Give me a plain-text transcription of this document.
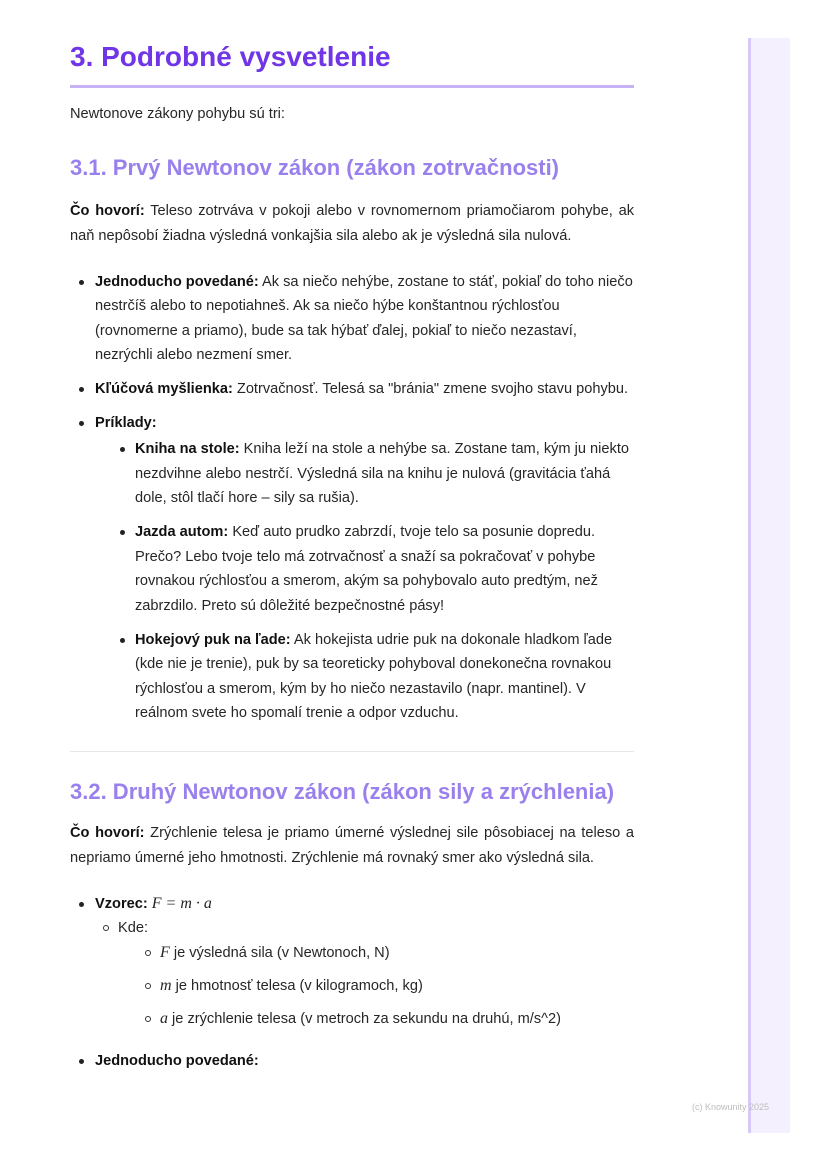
(c) Knowunity 2025
3. Podrobné vysvetlenie

Newtonove zákony pohybu sú tri:

3.1. Prvý Newtonov zákon (zákon zotrvačnosti)

Čo hovorí: Teleso zotrváva v pokoji alebo v rovnomernom priamočiarom pohybe, ak naň nepôsobí žiadna výsledná vonkajšia sila alebo ak je výsledná sila nulová.

Jednoducho povedané: Ak sa niečo nehýbe, zostane to stáť, pokiaľ do toho niečo nestrčíš alebo to nepotiahneš. Ak sa niečo hýbe konštantnou rýchlosťou (rovnomerne a priamo), bude sa tak hýbať ďalej, pokiaľ to niečo nezastaví, nezrýchli alebo nezmení smer.
Kľúčová myšlienka: Zotrvačnosť. Telesá sa "bránia" zmene svojho stavu pohybu.
Príklady:
Kniha na stole: Kniha leží na stole a nehýbe sa. Zostane tam, kým ju niekto nezdvihne alebo nestrčí. Výsledná sila na knihu je nulová (gravitácia ťahá dole, stôl tlačí hore – sily sa rušia).
Jazda autom: Keď auto prudko zabrzdí, tvoje telo sa posunie dopredu. Prečo? Lebo tvoje telo má zotrvačnosť a snaží sa pokračovať v pohybe rovnakou rýchlosťou a smerom, akým sa pohybovalo auto predtým, než zabrzdilo. Preto sú dôležité bezpečnostné pásy!
Hokejový puk na ľade: Ak hokejista udrie puk na dokonale hladkom ľade (kde nie je trenie), puk by sa teoreticky pohyboval donekonečna rovnakou rýchlosťou a smerom, kým by ho niečo nezastavilo (napr. mantinel). V reálnom svete ho spomalí trenie a odpor vzduchu.
3.2. Druhý Newtonov zákon (zákon sily a zrýchlenia)

Čo hovorí: Zrýchlenie telesa je priamo úmerné výslednej sile pôsobiacej na teleso a nepriamo úmerné jeho hmotnosti. Zrýchlenie má rovnaký smer ako výsledná sila.

Vzorec: F = m · a
Kde:
F je výsledná sila (v Newtonoch, N)
m je hmotnosť telesa (v kilogramoch, kg)
a je zrýchlenie telesa (v metroch za sekundu na druhú, m/s^2)
Jednoducho povedané:
